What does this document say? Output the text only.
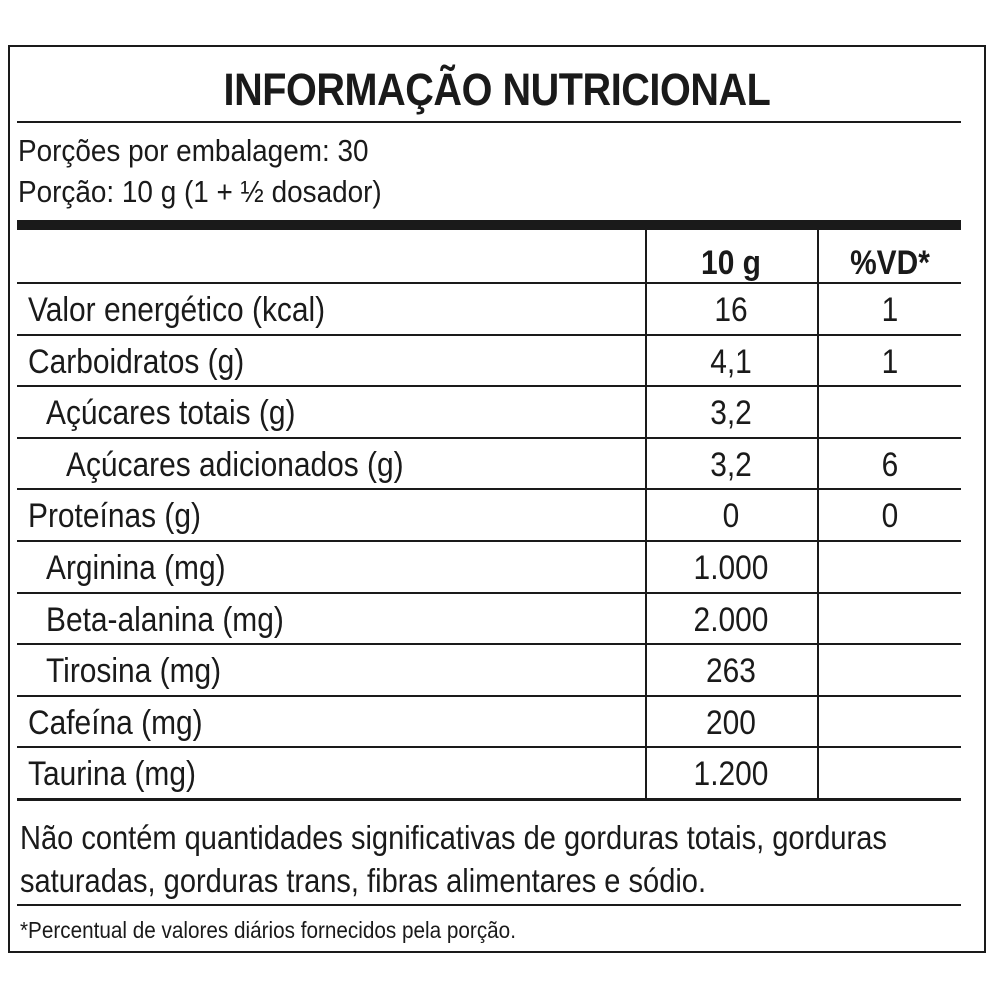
INFORMAÇÃO NUTRICIONAL
Porções por embalagem: 30
Porção: 10 g (1 + ½ dosador)
10 g	%VD*
Valor energético (kcal)	16	1
Carboidratos (g)	4,1	1
Açúcares totais (g)	3,2
Açúcares adicionados (g)	3,2	6
Proteínas (g)	0	0
Arginina (mg)	1.000
Beta-alanina (mg)	2.000
Tirosina (mg)	263
Cafeína (mg)	200
Taurina (mg)	1.200
Não contém quantidades significativas de gorduras totais, gorduras
saturadas, gorduras trans, fibras alimentares e sódio.
*Percentual de valores diários fornecidos pela porção.
